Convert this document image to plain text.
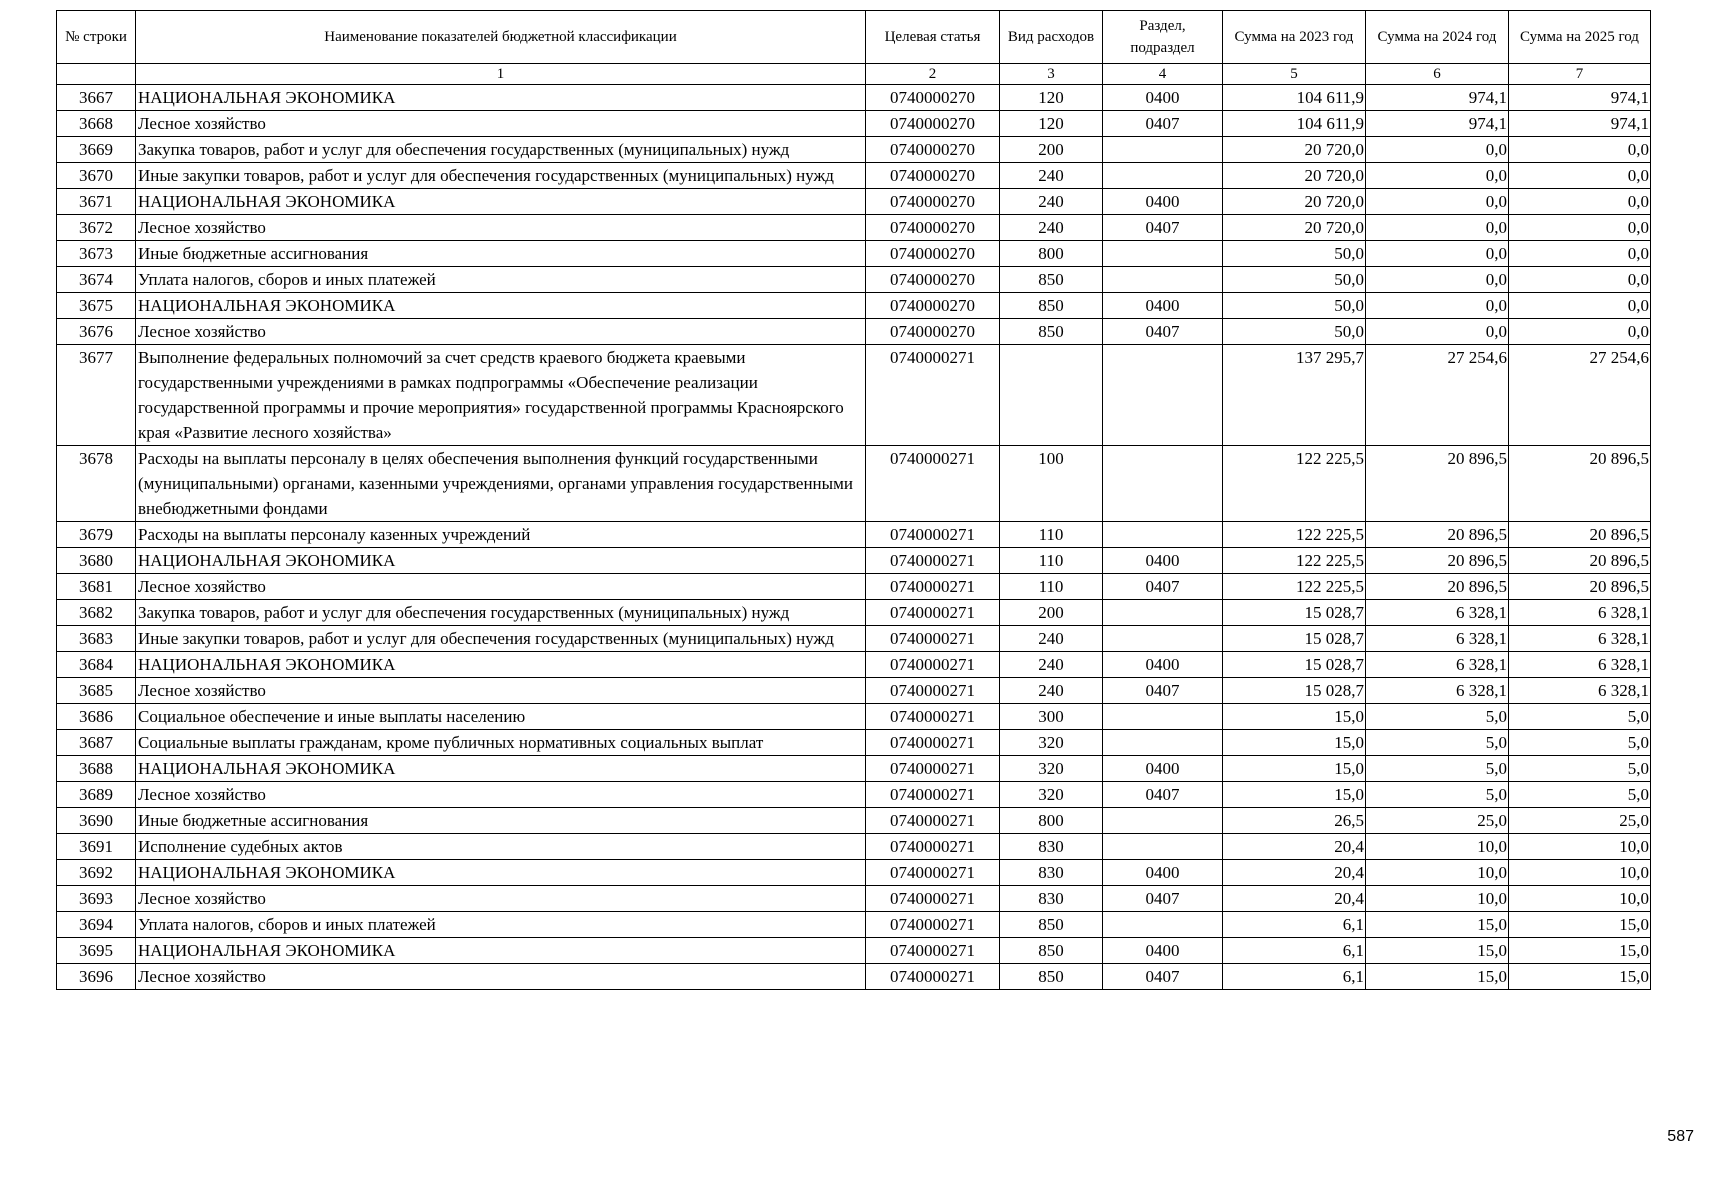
№ строки	Наименование показателей бюджетной классификации	Целевая статья	Вид расходов	Раздел, подраздел	Сумма на 2023 год	Сумма на 2024 год	Сумма на 2025 год
	1	2	3	4	5	6	7
3667	НАЦИОНАЛЬНАЯ ЭКОНОМИКА	0740000270	120	0400	104 611,9	974,1	974,1
3668	Лесное хозяйство	0740000270	120	0407	104 611,9	974,1	974,1
3669	Закупка товаров, работ и услуг для обеспечения государственных (муниципальных) нужд	0740000270	200		20 720,0	0,0	0,0
3670	Иные закупки товаров, работ и услуг для обеспечения государственных (муниципальных) нужд	0740000270	240		20 720,0	0,0	0,0
3671	НАЦИОНАЛЬНАЯ ЭКОНОМИКА	0740000270	240	0400	20 720,0	0,0	0,0
3672	Лесное хозяйство	0740000270	240	0407	20 720,0	0,0	0,0
3673	Иные бюджетные ассигнования	0740000270	800		50,0	0,0	0,0
3674	Уплата налогов, сборов и иных платежей	0740000270	850		50,0	0,0	0,0
3675	НАЦИОНАЛЬНАЯ ЭКОНОМИКА	0740000270	850	0400	50,0	0,0	0,0
3676	Лесное хозяйство	0740000270	850	0407	50,0	0,0	0,0
3677	Выполнение федеральных полномочий за счет средств краевого бюджета краевыми государственными учреждениями в рамках подпрограммы «Обеспечение реализации государственной программы и прочие мероприятия» государственной программы Красноярского края «Развитие лесного хозяйства»	0740000271			137 295,7	27 254,6	27 254,6
3678	Расходы на выплаты персоналу в целях обеспечения выполнения функций государственными (муниципальными) органами, казенными учреждениями, органами управления государственными внебюджетными фондами	0740000271	100		122 225,5	20 896,5	20 896,5
3679	Расходы на выплаты персоналу казенных учреждений	0740000271	110		122 225,5	20 896,5	20 896,5
3680	НАЦИОНАЛЬНАЯ ЭКОНОМИКА	0740000271	110	0400	122 225,5	20 896,5	20 896,5
3681	Лесное хозяйство	0740000271	110	0407	122 225,5	20 896,5	20 896,5
3682	Закупка товаров, работ и услуг для обеспечения государственных (муниципальных) нужд	0740000271	200		15 028,7	6 328,1	6 328,1
3683	Иные закупки товаров, работ и услуг для обеспечения государственных (муниципальных) нужд	0740000271	240		15 028,7	6 328,1	6 328,1
3684	НАЦИОНАЛЬНАЯ ЭКОНОМИКА	0740000271	240	0400	15 028,7	6 328,1	6 328,1
3685	Лесное хозяйство	0740000271	240	0407	15 028,7	6 328,1	6 328,1
3686	Социальное обеспечение и иные выплаты населению	0740000271	300		15,0	5,0	5,0
3687	Социальные выплаты гражданам, кроме публичных нормативных социальных выплат	0740000271	320		15,0	5,0	5,0
3688	НАЦИОНАЛЬНАЯ ЭКОНОМИКА	0740000271	320	0400	15,0	5,0	5,0
3689	Лесное хозяйство	0740000271	320	0407	15,0	5,0	5,0
3690	Иные бюджетные ассигнования	0740000271	800		26,5	25,0	25,0
3691	Исполнение судебных актов	0740000271	830		20,4	10,0	10,0
3692	НАЦИОНАЛЬНАЯ ЭКОНОМИКА	0740000271	830	0400	20,4	10,0	10,0
3693	Лесное хозяйство	0740000271	830	0407	20,4	10,0	10,0
3694	Уплата налогов, сборов и иных платежей	0740000271	850		6,1	15,0	15,0
3695	НАЦИОНАЛЬНАЯ ЭКОНОМИКА	0740000271	850	0400	6,1	15,0	15,0
3696	Лесное хозяйство	0740000271	850	0407	6,1	15,0	15,0
587
